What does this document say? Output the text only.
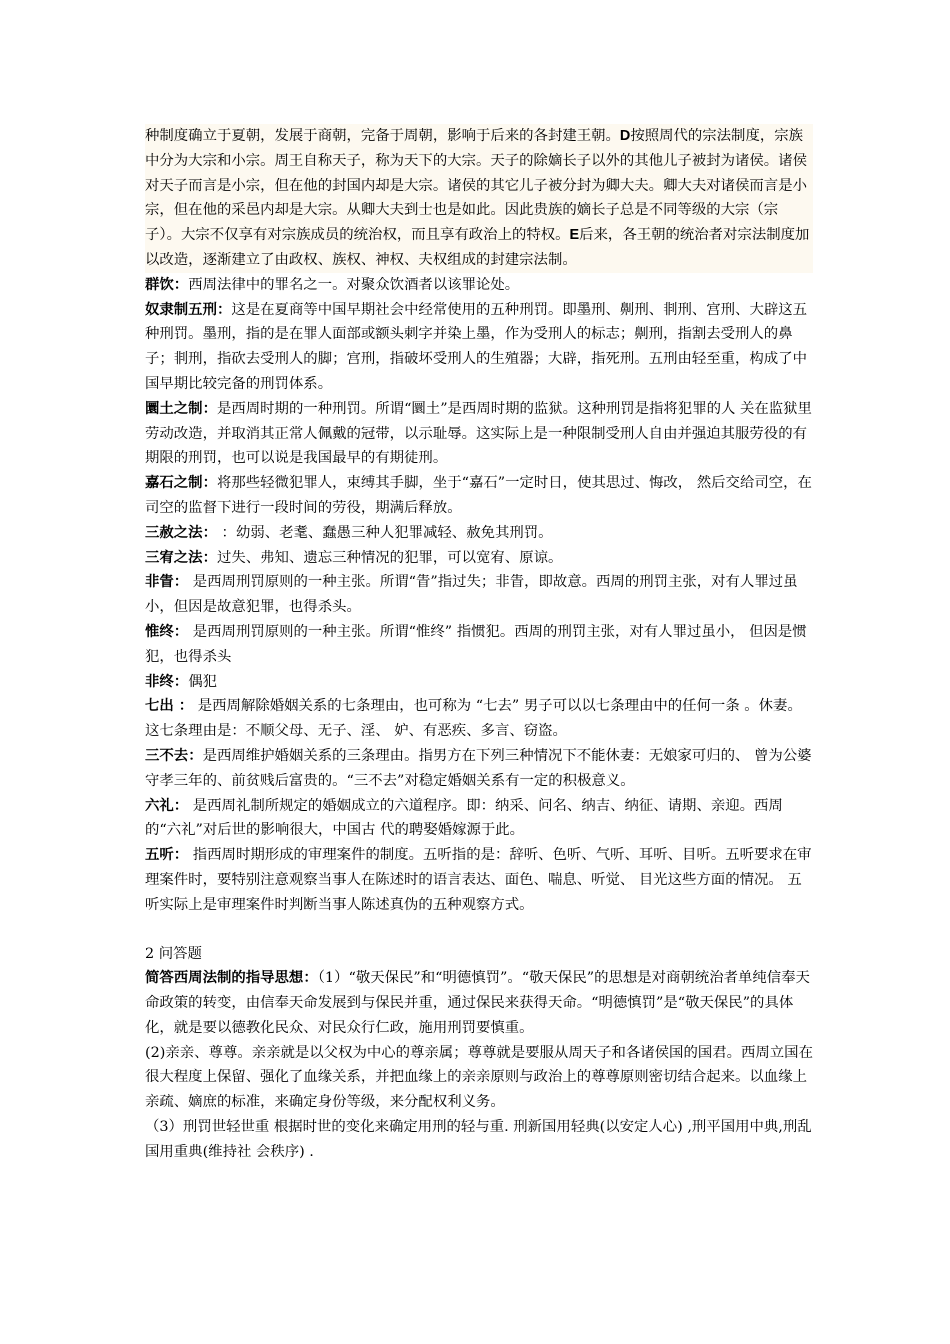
种制度确立于夏朝，发展于商朝，完备于周朝，影响于后来的各封建王朝。D按照周代的宗法制度，宗族中分为大宗和小宗。周王自称天子，称为天下的大宗。天子的除嫡长子以外的其他儿子被封为诸侯。诸侯对天子而言是小宗，但在他的封国内却是大宗。诸侯的其它儿子被分封为卿大夫。卿大夫对诸侯而言是小宗，但在他的采邑内却是大宗。从卿大夫到士也是如此。因此贵族的嫡长子总是不同等级的大宗（宗子）。大宗不仅享有对宗族成员的统治权，而且享有政治上的特权。E后来，各王朝的统治者对宗法制度加以改造，逐渐建立了由政权、族权、神权、夫权组成的封建宗法制。

群饮：西周法律中的罪名之一。对聚众饮酒者以该罪论处。

奴隶制五刑：这是在夏商等中国早期社会中经常使用的五种刑罚。即墨刑、劓刑、剕刑、宫刑、大辟这五种刑罚。墨刑，指的是在罪人面部或额头刺字并染上墨，作为受刑人的标志；劓刑，指割去受刑人的鼻子；剕刑，指砍去受刑人的脚；宫刑，指破坏受刑人的生殖器；大辟，指死刑。五刑由轻至重，构成了中国早期比较完备的刑罚体系。

圜土之制：是西周时期的一种刑罚。所谓“圜土”是西周时期的监狱。这种刑罚是指将犯罪的人 关在监狱里劳动改造，并取消其正常人佩戴的冠带，以示耻辱。这实际上是一种限制受刑人自由并强迫其服劳役的有期限的刑罚，也可以说是我国最早的有期徒刑。

嘉石之制：将那些轻微犯罪人，束缚其手脚，坐于“嘉石”一定时日，使其思过、悔改， 然后交给司空，在司空的监督下进行一段时间的劳役，期满后释放。

三赦之法： ：幼弱、老耄、蠢愚三种人犯罪减轻、赦免其刑罚。

三宥之法：过失、弗知、遗忘三种情况的犯罪，可以宽宥、原谅。

非眚： 是西周刑罚原则的一种主张。所谓“眚”指过失；非眚，即故意。西周的刑罚主张，对有人罪过虽小，但因是故意犯罪，也得杀头。

惟终： 是西周刑罚原则的一种主张。所谓“惟终” 指惯犯。西周的刑罚主张，对有人罪过虽小， 但因是惯犯，也得杀头

非终：偶犯

七出 ： 是西周解除婚姻关系的七条理由，也可称为 “七去” 男子可以以七条理由中的任何一条 。休妻。这七条理由是：不顺父母、无子、淫、 妒、有恶疾、多言、窃盗。

三不去：是西周维护婚姻关系的三条理由。指男方在下列三种情况下不能休妻：无娘家可归的、 曾为公婆守孝三年的、前贫贱后富贵的。“三不去”对稳定婚姻关系有一定的积极意义。

六礼： 是西周礼制所规定的婚姻成立的六道程序。即：纳采、问名、纳吉、纳征、请期、亲迎。西周的“六礼”对后世的影响很大，中国古 代的聘娶婚嫁源于此。

五听： 指西周时期形成的审理案件的制度。五听指的是：辞听、色听、气听、耳听、目听。五听要求在审理案件时，要特别注意观察当事人在陈述时的语言表达、面色、喘息、听觉、 目光这些方面的情况。 五听实际上是审理案件时判断当事人陈述真伪的五种观察方式。

2 问答题

简答西周法制的指导思想：（1）“敬天保民”和“明德慎罚”。“敬天保民”的思想是对商朝统治者单纯信奉天命政策的转变，由信奉天命发展到与保民并重，通过保民来获得天命。“明德慎罚”是“敬天保民”的具体化，就是要以德教化民众、对民众行仁政，施用刑罚要慎重。

(2)亲亲、尊尊。亲亲就是以父权为中心的尊亲属；尊尊就是要服从周天子和各诸侯国的国君。西周立国在很大程度上保留、强化了血缘关系，并把血缘上的亲亲原则与政治上的尊尊原则密切结合起来。以血缘上亲疏、嫡庶的标准，来确定身份等级，来分配权利义务。

（3）刑罚世轻世重 根据时世的变化来确定用刑的轻与重. 刑新国用轻典(以安定人心) ,刑平国用中典,刑乱国用重典(维持社 会秩序) .
